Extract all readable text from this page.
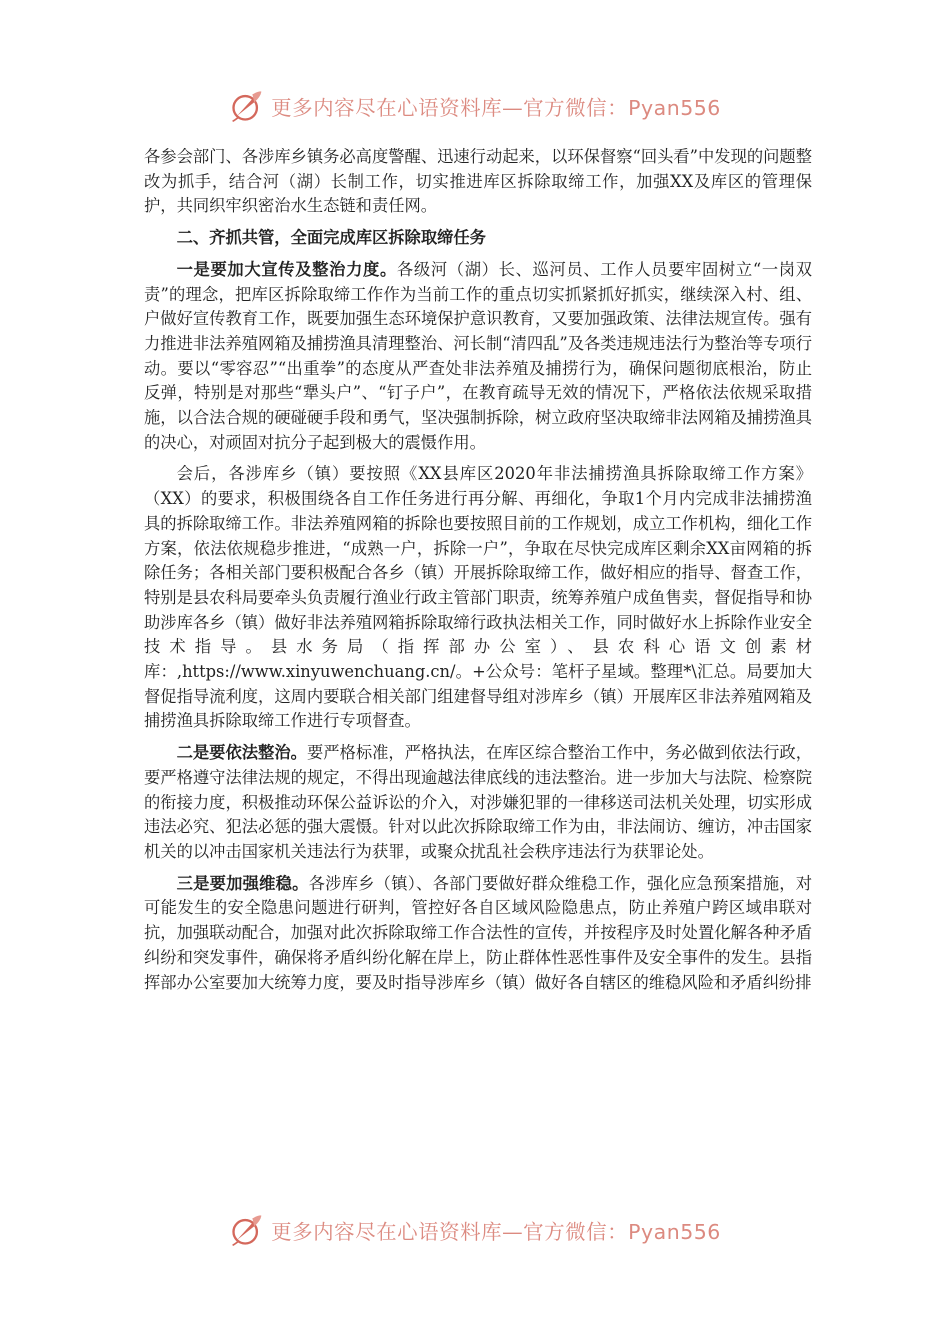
更多内容尽在心语资料库—官方微信：Pyan556

各参会部门、各涉库乡镇务必高度警醒、迅速行动起来，以环保督察“回头看”中发现的问题整改为抓手，结合河（湖）长制工作，切实推进库区拆除取缔工作，加强XX及库区的管理保护，共同织牢织密治水生态链和责任网。

二、齐抓共管，全面完成库区拆除取缔任务

一是要加大宣传及整治力度。各级河（湖）长、巡河员、工作人员要牢固树立“一岗双责”的理念，把库区拆除取缔工作作为当前工作的重点切实抓紧抓好抓实，继续深入村、组、户做好宣传教育工作，既要加强生态环境保护意识教育，又要加强政策、法律法规宣传。强有力推进非法养殖网箱及捕捞渔具清理整治、河长制“清四乱”及各类违规违法行为整治等专项行动。要以“零容忍”“出重拳”的态度从严查处非法养殖及捕捞行为，确保问题彻底根治，防止反弹，特别是对那些“犟头户”、“钉子户”，在教育疏导无效的情况下，严格依法依规采取措施，以合法合规的硬碰硬手段和勇气，坚决强制拆除，树立政府坚决取缔非法网箱及捕捞渔具的决心，对顽固对抗分子起到极大的震慑作用。

会后，各涉库乡（镇）要按照《XX县库区2020年非法捕捞渔具拆除取缔工作方案》（XX）的要求，积极围绕各自工作任务进行再分解、再细化，争取1个月内完成非法捕捞渔具的拆除取缔工作。非法养殖网箱的拆除也要按照目前的工作规划，成立工作机构，细化工作方案，依法依规稳步推进，“成熟一户，拆除一户”，争取在尽快完成库区剩余XX亩网箱的拆除任务；各相关部门要积极配合各乡（镇）开展拆除取缔工作，做好相应的指导、督查工作，特别是县农科局要牵头负责履行渔业行政主管部门职责，统筹养殖户成鱼售卖，督促指导和协助涉库各乡（镇）做好非法养殖网箱拆除取缔行政执法相关工作，同时做好水上拆除作业安全技术指导。县水务局（指挥部办公室）、县农科心语文创素材库：,https://www.xinyuwenchuang.cn/。+公众号：笔杆子星域。整理*\汇总。局要加大督促指导流利度，这周内要联合相关部门组建督导组对涉库乡（镇）开展库区非法养殖网箱及捕捞渔具拆除取缔工作进行专项督查。

二是要依法整治。要严格标准，严格执法，在库区综合整治工作中，务必做到依法行政，要严格遵守法律法规的规定，不得出现逾越法律底线的违法整治。进一步加大与法院、检察院的衔接力度，积极推动环保公益诉讼的介入，对涉嫌犯罪的一律移送司法机关处理，切实形成违法必究、犯法必惩的强大震慑。针对以此次拆除取缔工作为由，非法闹访、缠访，冲击国家机关的以冲击国家机关违法行为获罪，或聚众扰乱社会秩序违法行为获罪论处。

三是要加强维稳。各涉库乡（镇）、各部门要做好群众维稳工作，强化应急预案措施，对可能发生的安全隐患问题进行研判，管控好各自区域风险隐患点，防止养殖户跨区域串联对抗，加强联动配合，加强对此次拆除取缔工作合法性的宣传，并按程序及时处置化解各种矛盾纠纷和突发事件，确保将矛盾纠纷化解在岸上，防止群体性恶性事件及安全事件的发生。县指挥部办公室要加大统筹力度，要及时指导涉库乡（镇）做好各自辖区的维稳风险和矛盾纠纷排

更多内容尽在心语资料库—官方微信：Pyan556
